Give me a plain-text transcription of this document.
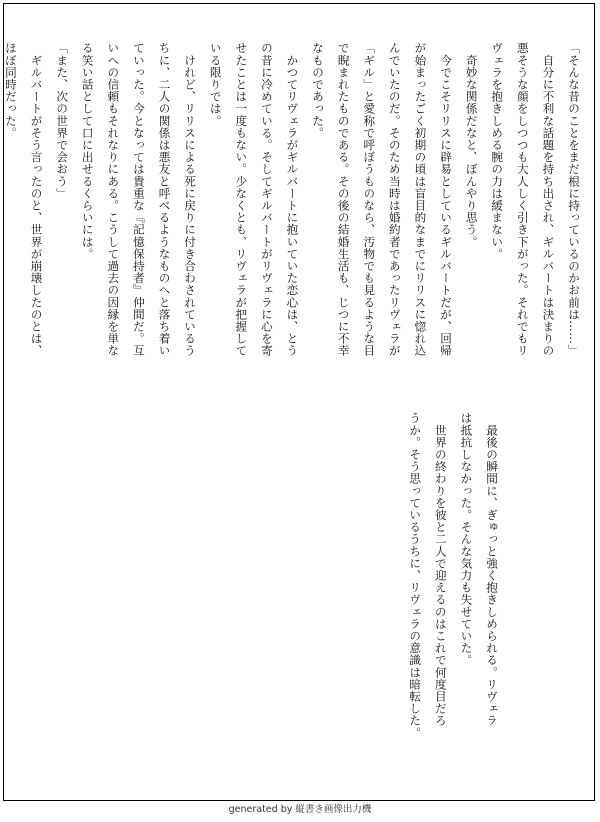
「そんな昔のことをまだ根に持っているのかお前は……」
　自分に不利な話題を持ち出され、ギルバートは決まりの
悪そうな顔をしつつも大人しく引き下がった。それでもリ
ヴェラを抱きしめる腕の力は緩まない。
　奇妙な関係だなと、ぼんやり思う。
　今でこそリリスに辟易としているギルバートだが、回帰
が始まったごく初期の頃は盲目的なまでにリリスに惚れ込
んでいたのだ。そのため当時は婚約者であったリヴェラが
「ギル」と愛称で呼ぼうものなら、汚物でも見るような目
で睨まれたものである。その後の結婚生活も、じつに不幸
なものであった。
　かつてリヴェラがギルバートに抱いていた恋心は、とう
の昔に冷めている。そしてギルバートがリヴェラに心を寄
せたことは一度もない。少なくとも、リヴェラが把握して
いる限りでは。
　けれど、リリスによる死に戻りに付き合わされているう
ちに、二人の関係は悪友と呼べるようなものへと落ち着い
ていった。今となっては貴重な『記憶保持者』仲間だ。互
いへの信頼もそれなりにある。こうして過去の因縁を単な
る笑い話として口に出せるくらいには。
「また、次の世界で会おう」
　ギルバートがそう言ったのと、世界が崩壊したのとは、
ほぼ同時だった。
　最後の瞬間に、ぎゅっと強く抱きしめられる。リヴェラ
は抵抗しなかった。そんな気力も失せていた。
　世界の終わりを彼と二人で迎えるのはこれで何度目だろ
うか。そう思っているうちに、リヴェラの意識は暗転した。
generated by 縦書き画像出力機
